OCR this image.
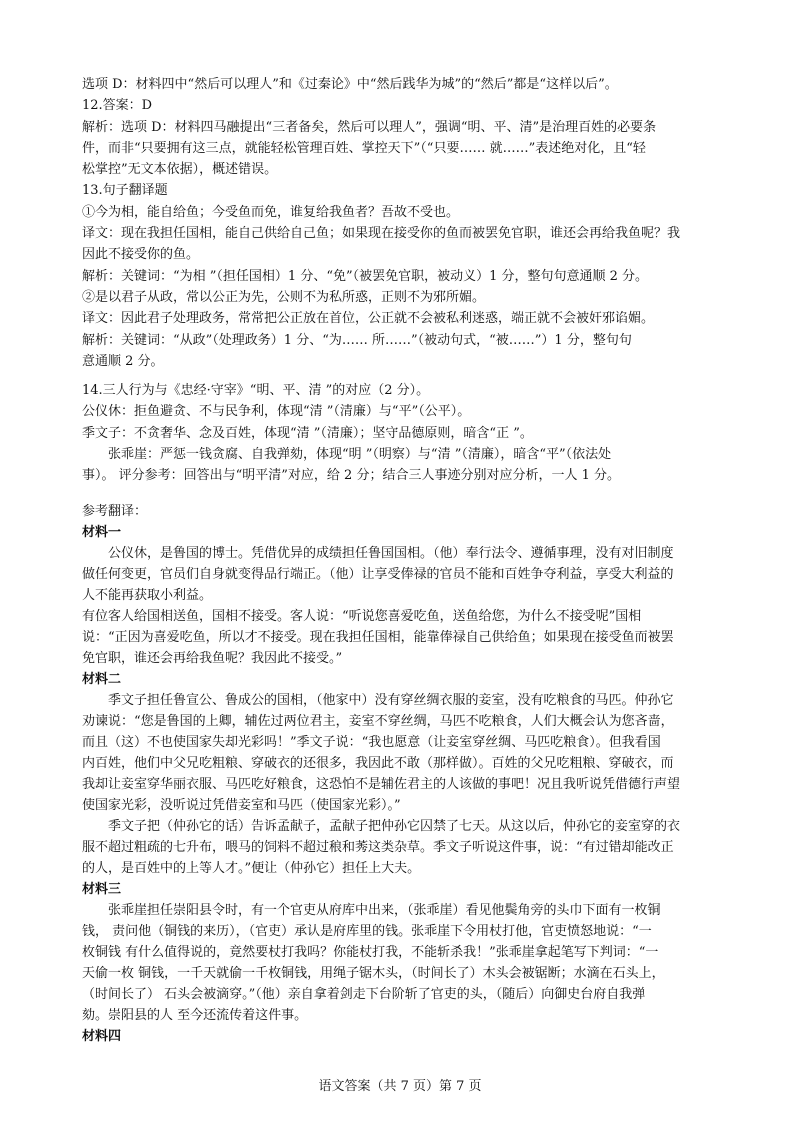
选项 D：材料四中“然后可以理人”和《过秦论》中“然后践华为城”的“然后”都是“这样以后”。

12.答案：D

解析：选项 D：材料四马融提出“三者备矣，然后可以理人”，强调“明、平、清”是治理百姓的必要条

件，而非“只要拥有这三点，就能轻松管理百姓、掌控天下”（“只要…… 就……”表述绝对化，且“轻

松掌控”无文本依据），概述错误。

13.句子翻译题

①今为相，能自给鱼；今受鱼而免，谁复给我鱼者？吾故不受也。

译文：现在我担任国相，能自己供给自己鱼；如果现在接受你的鱼而被罢免官职，谁还会再给我鱼呢？我

因此不接受你的鱼。

解析：关键词：“为相 ”（担任国相）1 分、“免”（被罢免官职，被动义）1 分，整句句意通顺 2 分。

②是以君子从政，常以公正为先，公则不为私所惑，正则不为邪所媚。

译文：因此君子处理政务，常常把公正放在首位，公正就不会被私利迷惑，端正就不会被奸邪谄媚。

解析：关键词：“从政”（处理政务）1 分、“为…… 所……”（被动句式，“被……”）1 分，整句句

意通顺 2 分。

14.三人行为与《忠经·守宰》“明、平、清 ”的对应（2 分）。

公仪休：拒鱼避贪、不与民争利，体现“清 ”（清廉）与“平”（公平）。

季文子：不贪奢华、念及百姓，体现“清 ”（清廉）；坚守品德原则，暗含“正 ”。

张乖崖：严惩一钱贪腐、自我弹劾，体现“明 ”（明察）与“清 ”（清廉），暗含“平”（依法处

事）。 评分参考：回答出与“明平清”对应，给 2 分；结合三人事迹分别对应分析，一人 1 分。

参考翻译：

材料一

公仪休，是鲁国的博士。凭借优异的成绩担任鲁国国相。（他）奉行法令、遵循事理，没有对旧制度

做任何变更，官员们自身就变得品行端正。（他）让享受俸禄的官员不能和百姓争夺利益，享受大利益的

人不能再获取小利益。

有位客人给国相送鱼，国相不接受。客人说：“听说您喜爱吃鱼，送鱼给您，为什么不接受呢”国相

说：“正因为喜爱吃鱼，所以才不接受。现在我担任国相，能靠俸禄自己供给鱼；如果现在接受鱼而被罢

免官职，谁还会再给我鱼呢？我因此不接受。”

材料二

季文子担任鲁宣公、鲁成公的国相，（他家中）没有穿丝绸衣服的妾室，没有吃粮食的马匹。仲孙它

劝谏说：“您是鲁国的上卿，辅佐过两位君主，妾室不穿丝绸，马匹不吃粮食，人们大概会认为您吝啬，

而且（这）不也使国家失却光彩吗！”季文子说：“我也愿意（让妾室穿丝绸、马匹吃粮食）。但我看国

内百姓，他们中父兄吃粗粮、穿破衣的还很多，我因此不敢（那样做）。百姓的父兄吃粗粮、穿破衣，而

我却让妾室穿华丽衣服、马匹吃好粮食，这恐怕不是辅佐君主的人该做的事吧！况且我听说凭借德行声望

使国家光彩，没听说过凭借妾室和马匹（使国家光彩）。”

季文子把（仲孙它的话）告诉孟献子，孟献子把仲孙它囚禁了七天。从这以后，仲孙它的妾室穿的衣

服不超过粗疏的七升布，喂马的饲料不超过稂和莠这类杂草。季文子听说这件事，说：“有过错却能改正

的人，是百姓中的上等人才。”便让（仲孙它）担任上大夫。

材料三

张乖崖担任崇阳县令时，有一个官吏从府库中出来，（张乖崖）看见他鬓角旁的头巾下面有一枚铜

钱， 责问他（铜钱的来历），（官吏）承认是府库里的钱。张乖崖下令用杖打他，官吏愤怒地说：“一

枚铜钱 有什么值得说的，竟然要杖打我吗？你能杖打我，不能斩杀我！”张乖崖拿起笔写下判词：“一

天偷一枚 铜钱，一千天就偷一千枚铜钱，用绳子锯木头，（时间长了）木头会被锯断；水滴在石头上，

（时间长了） 石头会被滴穿。”（他）亲自拿着剑走下台阶斩了官吏的头，（随后）向御史台府自我弹

劾。崇阳县的人 至今还流传着这件事。

材料四

语文答案（共 7 页）第 7 页
